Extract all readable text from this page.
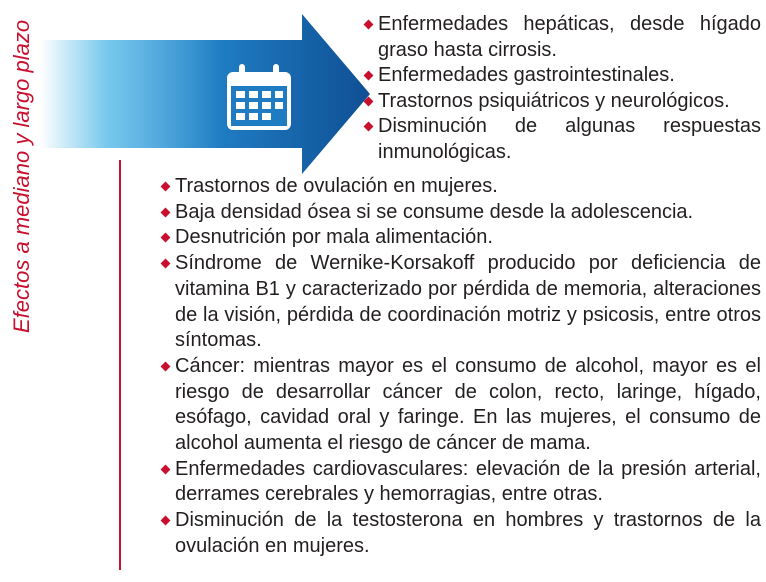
Efectos a mediano y largo plazo	Enfermedades hepáticas, desde hígado graso hasta cirrosis.
Enfermedades gastrointestinales.
Trastornos psiquiátricos y neurológicos.
Disminución de algunas respuestas inmunológicas.
Trastornos de ovulación en mujeres.
Baja densidad ósea si se consume desde la adolescencia.
Desnutrición por mala alimentación.
Síndrome de Wernike-Korsakoff producido por deficiencia de vitamina B1 y caracterizado por pérdida de memoria, alteraciones de la visión, pérdida de coordinación motriz y psicosis, entre otros síntomas.
Cáncer: mientras mayor es el consumo de alcohol, mayor es el riesgo de desarrollar cáncer de colon, recto, laringe, hígado, esófago, cavidad oral y faringe. En las mujeres, el consumo de alcohol aumenta el riesgo de cáncer de mama.
Enfermedades cardiovasculares: elevación de la presión arterial, derrames cerebrales y hemorragias, entre otras.
Disminución de la testosterona en hombres y trastornos de la ovulación en mujeres.
